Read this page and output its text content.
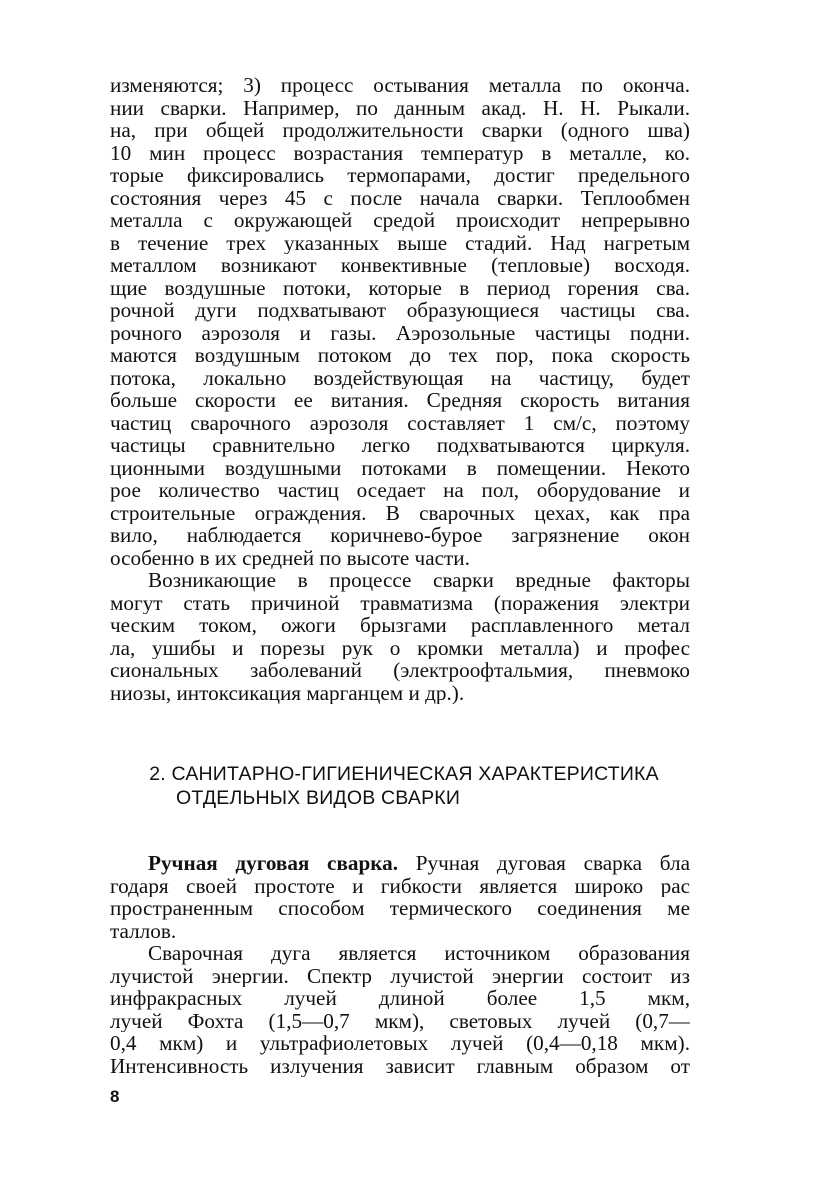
изменяются; 3) процесс остывания металла по оконча.
нии сварки. Например, по данным акад. Н. Н. Рыкали.
на, при общей продолжительности сварки (одного шва)
10 мин процесс возрастания температур в металле, ко.
торые фиксировались термопарами, достиг предельного
состояния через 45 с после начала сварки. Теплообмен
металла с окружающей средой происходит непрерывно
в течение трех указанных выше стадий. Над нагретым
металлом возникают конвективные (тепловые) восходя.
щие воздушные потоки, которые в период горения сва.
рочной дуги подхватывают образующиеся частицы сва.
рочного аэрозоля и газы. Аэрозольные частицы подни.
маются воздушным потоком до тех пор, пока скорость
потока, локально воздействующая на частицу, будет
больше скорости ее витания. Средняя скорость витания
частиц сварочного аэрозоля составляет 1 см/с, поэтому
частицы сравнительно легко подхватываются циркуля.
ционными воздушными потоками в помещении. Некото
рое количество частиц оседает на пол, оборудование и
строительные ограждения. В сварочных цехах, как пра
вило, наблюдается коричнево-бурое загрязнение окон
особенно в их средней по высоте части.
Возникающие в процессе сварки вредные факторы
могут стать причиной травматизма (поражения электри
ческим током, ожоги брызгами расплавленного метал
ла, ушибы и порезы рук о кромки металла) и профес
сиональных заболеваний (электроофтальмия, пневмоко
ниозы, интоксикация марганцем и др.).
2. САНИТАРНО-ГИГИЕНИЧЕСКАЯ ХАРАКТЕРИСТИКА
ОТДЕЛЬНЫХ ВИДОВ СВАРКИ
Ручная дуговая сварка. Ручная дуговая сварка бла
годаря своей простоте и гибкости является широко рас
пространенным способом термического соединения ме
таллов.
Сварочная дуга является источником образования
лучистой энергии. Спектр лучистой энергии состоит из
инфракрасных лучей длиной более 1,5 мкм,
лучей Фохта (1,5—0,7 мкм), световых лучей (0,7—
0,4 мкм) и ультрафиолетовых лучей (0,4—0,18 мкм).
Интенсивность излучения зависит главным образом от
8
